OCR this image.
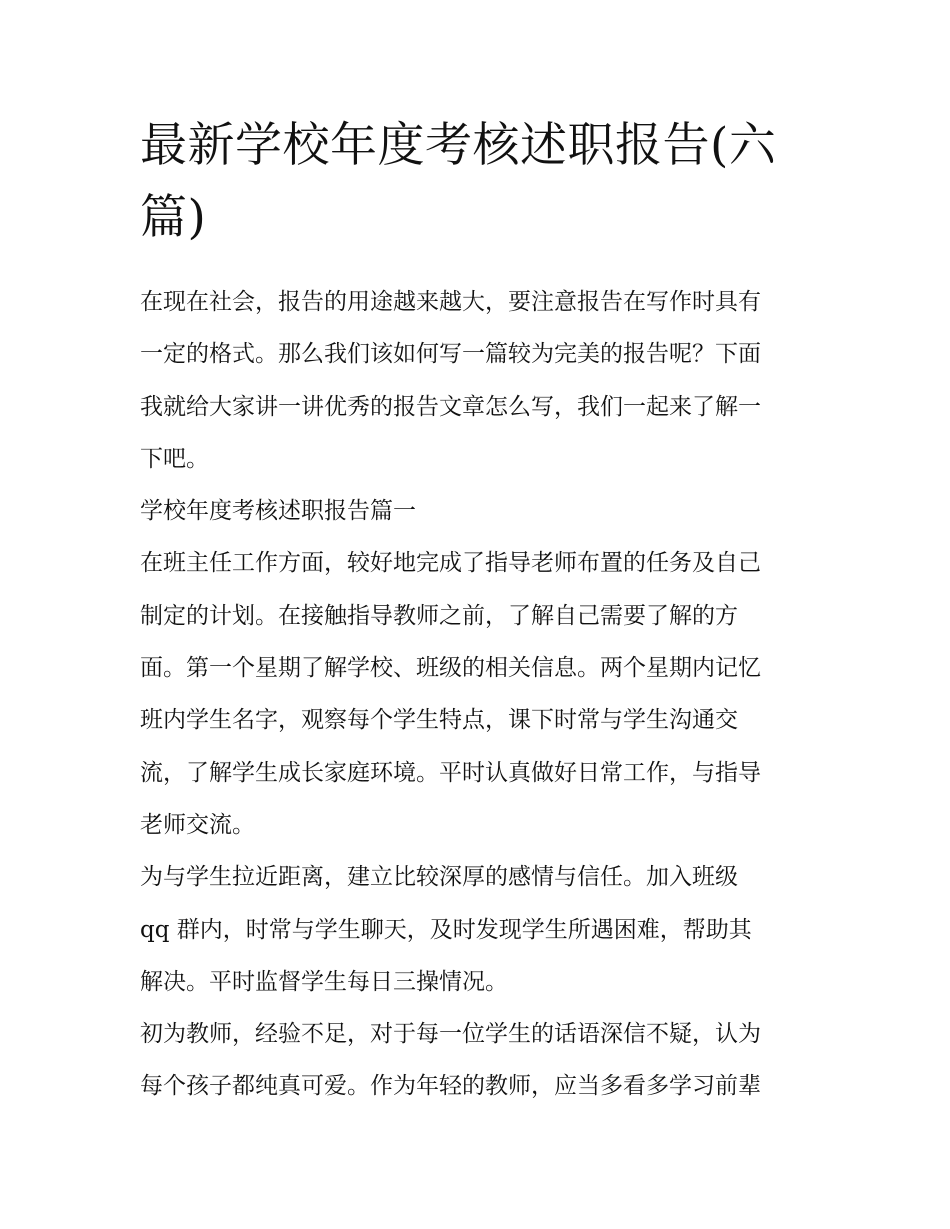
最新学校年度考核述职报告(六
篇)

在现在社会，报告的用途越来越大，要注意报告在写作时具有
一定的格式。那么我们该如何写一篇较为完美的报告呢？下面
我就给大家讲一讲优秀的报告文章怎么写，我们一起来了解一
下吧。

学校年度考核述职报告篇一

在班主任工作方面，较好地完成了指导老师布置的任务及自己
制定的计划。在接触指导教师之前，了解自己需要了解的方
面。第一个星期了解学校、班级的相关信息。两个星期内记忆
班内学生名字，观察每个学生特点，课下时常与学生沟通交
流，了解学生成长家庭环境。平时认真做好日常工作，与指导
老师交流。

为与学生拉近距离，建立比较深厚的感情与信任。加入班级
qq 群内，时常与学生聊天，及时发现学生所遇困难，帮助其
解决。平时监督学生每日三操情况。

初为教师，经验不足，对于每一位学生的话语深信不疑，认为
每个孩子都纯真可爱。作为年轻的教师，应当多看多学习前辈
